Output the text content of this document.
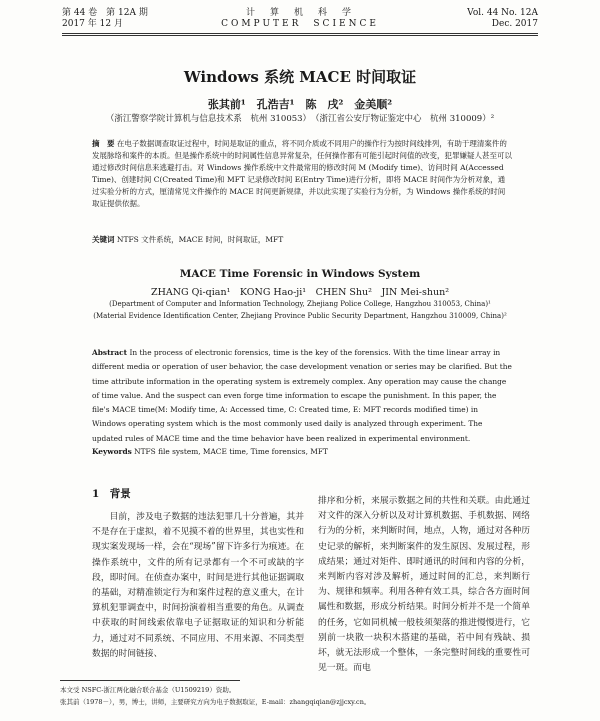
第 44 卷　第 12A 期
2017 年 12 月
计　算　机　科　学
COMPUTER　SCIENCE
Vol. 44 No. 12A
Dec. 2017
Windows 系统 MACE 时间取证
张其前¹　孔浩吉¹　陈　戌²　金美顺²
（浙江警察学院计算机与信息技术系　杭州 310053）　（浙江省公安厅物证鉴定中心　杭州 310009）²
摘　要 在电子数据调查取证过程中，时间是取证的重点，将不同介质或不同用户的操作行为按时间线排列，有助于理清案件的发展脉络和案件的本质。但是操作系统中的时间属性信息异常复杂，任何操作都有可能引起时间值的改变，犯罪嫌疑人甚至可以通过修改时间信息来逃避打击。对 Windows 操作系统中文件最常用的修改时间 M (Modify time)、访问时间 A(Accessed Time)、创建时间 C(Created Time)和 MFT 记录修改时间 E(Entry Time)进行分析，即将 MACE 时间作为分析对象，通过实验分析的方式，厘清常见文件操作的 MACE 时间更新规律，并以此实现了实验行为分析，为 Windows 操作系统的时间取证提供依据。
关键词 NTFS 文件系统，MACE 时间，时间取证，MFT
MACE Time Forensic in Windows System
ZHANG Qi-qian¹　KONG Hao-ji¹　CHEN Shu²　JIN Mei-shun²
(Department of Computer and Information Technology, Zhejiang Police College, Hangzhou 310053, China)¹
(Material Evidence Identification Center, Zhejiang Province Public Security Department, Hangzhou 310009, China)²
Abstract In the process of electronic forensics, time is the key of the forensics. With the time linear array in different media or operation of user behavior, the case development venation or series may be clarified. But the time attribute information in the operating system is extremely complex. Any operation may cause the change of time value. And the suspect can even forge time information to escape the punishment. In this paper, the file's MACE time(M: Modify time, A: Accessed time, C: Created time, E: MFT records modified time) in Windows operating system which is the most commonly used daily is analyzed through experiment. The updated rules of MACE time and the time behavior have been realized in experimental environment.
Keywords NTFS file system, MACE time, Time forensics, MFT
1　背景
目前，涉及电子数据的违法犯罪几十分普遍，其并不是存在于虚拟，着不见摸不着的世界里，其也实性和现实案发现场一样，会在“现场”留下许多行为痕迹。在操作系统中，文件的所有记录都有一个不可或缺的字段，即时间。在侦查办案中，时间是进行其他证据调取的基础，对精准锁定行为和案件过程的意义重大，在计算机犯罪调查中，时间扮演着相当重要的角色。从调查中获取的时间线索依靠电子证据取证的知识和分析能力，通过对不同系统、不同应用、不用来源、不同类型数据的时间链接、
排序和分析，来展示数据之间的共性和关联。由此通过对文件的深入分析以及对计算机数据、手机数据、网络行为的分析，来判断时间，地点，人物，通过对各种历史记录的解析，来判断案件的发生原因、发展过程，形成结果；通过对矩件、即时通讯的时间和内容的分析，来判断内容对涉及解析，通过时间的汇总，来判断行为、规律和频率。利用各种有效工具，综合各方面时间属性和数据，形成分析结果。时间分析并不是一个简单的任务，它如同机械一般枝须架落的推进慢慢进行，它别前一块散一块积木搭建的基础，若中间有残缺、损坏，就无法形成一个整体，一条完整时间线的重要性可见一斑。而电
本文受 NSFC-浙江两化融合联合基金（U1509219）资助。
张其前（1978－），男，博士，讲师，主要研究方向为电子数据取证，E-mail：zhangqiqian@zjjcxy.cn。
